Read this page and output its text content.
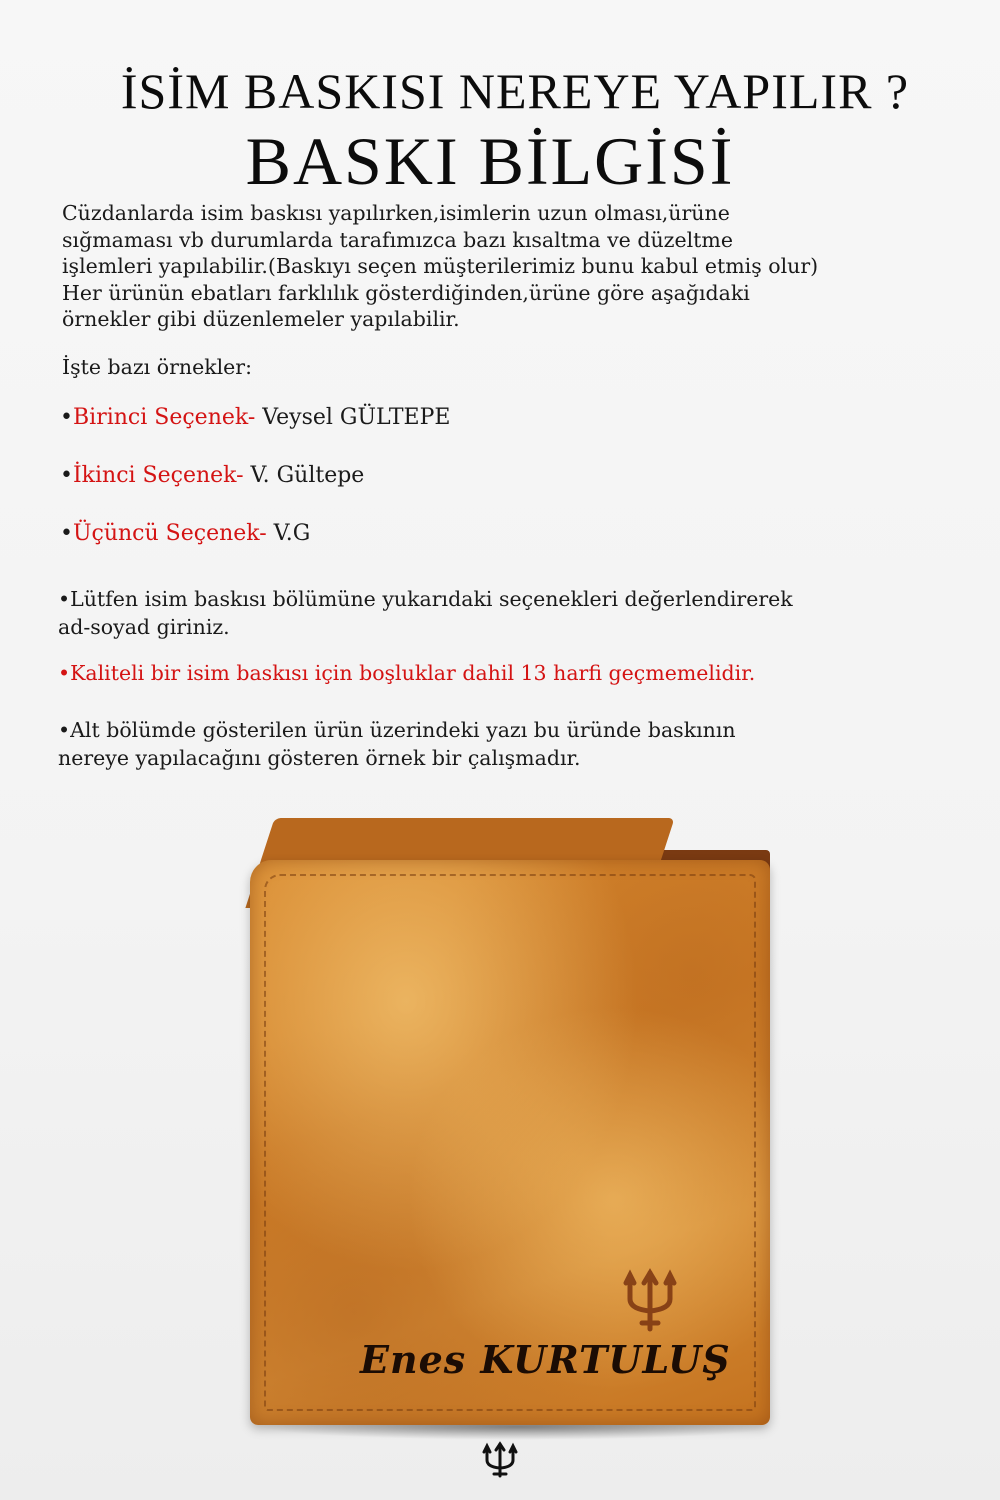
İSİM BASKISI NEREYE YAPILIR ?
BASKI BİLGİSİ
Cüzdanlarda isim baskısı yapılırken,isimlerin uzun olması,ürüne
sığmaması vb durumlarda tarafımızca bazı kısaltma ve düzeltme
işlemleri yapılabilir.(Baskıyı seçen müşterilerimiz bunu kabul etmiş olur)
Her ürünün ebatları farklılık gösterdiğinden,ürüne göre aşağıdaki
örnekler gibi düzenlemeler yapılabilir.
İşte bazı örnekler:
•Birinci Seçenek- Veysel GÜLTEPE
•İkinci Seçenek- V. Gültepe
•Üçüncü Seçenek- V.G
•Lütfen isim baskısı bölümüne yukarıdaki seçenekleri değerlendirerek
ad-soyad giriniz.
•Kaliteli bir isim baskısı için boşluklar dahil 13 harfi geçmemelidir.
•Alt bölümde gösterilen ürün üzerindeki yazı bu üründe baskının
nereye yapılacağını gösteren örnek bir çalışmadır.
Enes KURTULUŞ
